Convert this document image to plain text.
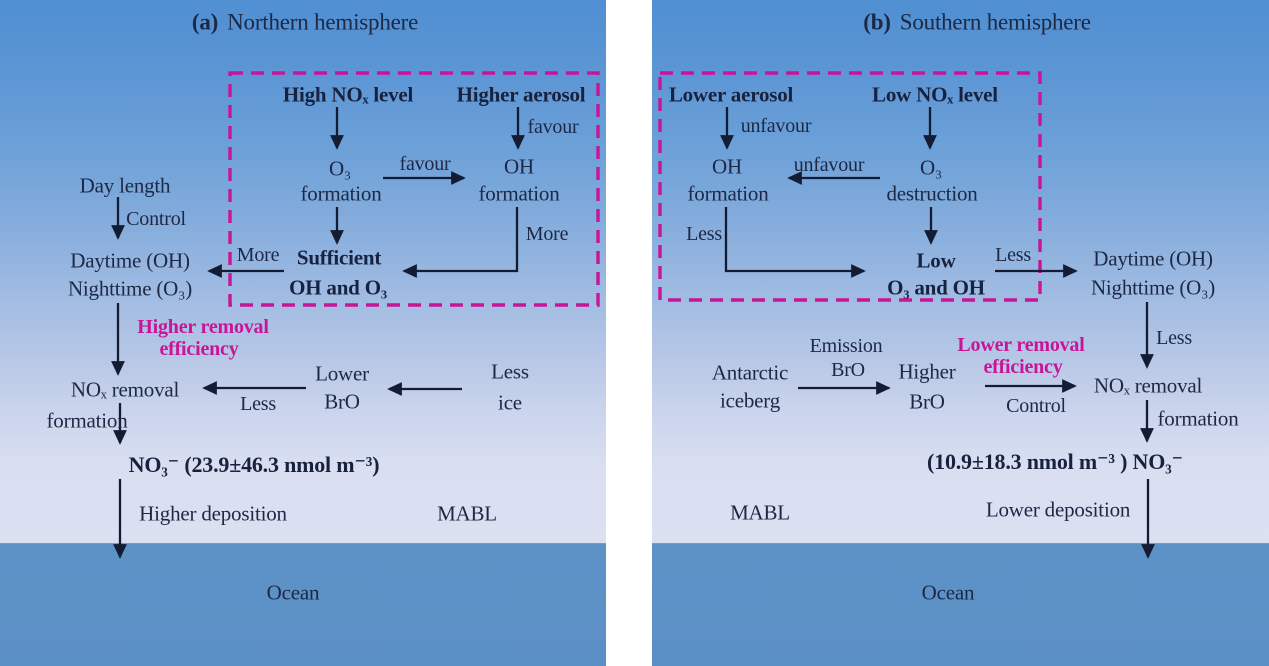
(a) Northern hemisphere
High NOₓ level Higher aerosol
O₃
formation
favour	OH
formation
favour
More
Sufficient
OH and O₃
More
Day length
Control
Daytime (OH)
Nighttime (O₃)
Higher removal
efficiency
NOₓ removal
formation
Lower
BrO
Less
Less
ice
NO₃⁻ (23.9±46.3 nmol m⁻³)
Higher deposition	MABL
Ocean
(b) Southern hemisphere
Lower aerosol	Low NOₓ level
unfavour
OH
formation
unfavour	O₃
destruction
Low
O₃ and OH
Less
Less	Daytime (OH)
Nighttime (O₃)
Less
Antarctic
iceberg
Emission
BrO Higher
BrO
Lower removal
efficiency
Control
NOₓ removal
formation
(10.9±18.3 nmol m⁻³ ) NO₃⁻
MABL	Lower deposition
Ocean
